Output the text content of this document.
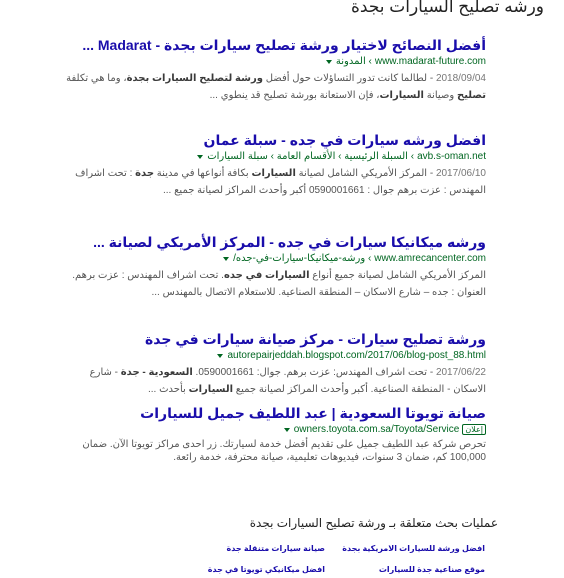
ورشه تصليح السيارات بجدة
أفضل النصائح لاختيار ورشة تصليح سيارات بجدة - Madarat ...
› المدونة www.madarat-future.com
2018/09/04 - لطالما كانت تدور التساؤلات حول أفضل ورشة لتصليح السيارات بجدة، وما هي تكلفة
تصليح وصيانة السيارات، فإن الاستعانة بورشة تصليح قد ينطوي ...
افضل ورشه سيارات في جده - سبلة عمان
› السبلة الرئيسية › الأقسام العامة › سبلة السيارات avb.s-oman.net
2017/06/10 - المركز الأمريكي الشامل لصيانة السيارات بكافة أنواعها في مدينة جدة : تحت اشراف
المهندس : عزت برهم جوال : 0590001661 أكبر وأحدث المراكز لصيانة جميع ...
ورشه ميكانيكا سيارات في جده - المركز الأمريكي لصيانة ...
› ورشه-ميكانيكا-سيارات-في-جده/ www.amrecancenter.com
المركز الأمريكي الشامل لصيانة جميع أنواع السيارات في جده. تحت اشراف المهندس : عزت برهم.
العنوان : جده – شارع الاسكان – المنطقة الصناعية. للاستعلام الاتصال بالمهندس ...
ورشة تصليح سيارات - مركز صيانة سيارات في جدة
autorepairjeddah.blogspot.com/2017/06/blog-post_88.html
2017/06/22 - تحت اشراف المهندس: عزت برهم. جوال: 0590001661. السعودية - جدة - شارع
الاسكان - المنطقة الصناعية. أكبر وأحدث المراكز لصيانة جميع السيارات بأحدث ...
صيانة تويوتا السعودية | عبد اللطيف جميل للسيارات
owners.toyota.com.sa/Toyota/Service إعلان
تحرص شركة عبد اللطيف جميل على تقديم أفضل خدمة لسيارتك. زر احدى مراكز تويوتا الآن. ضمان
100,000 كم، ضمان 3 سنوات، فيديوهات تعليمية، صيانة محترفة، خدمة رائعة.
عمليات بحث متعلقة بـ ورشة تصليح السيارات بجدة
افضل ورشة للسيارات الامريكية بجدة
صيانة سيارات متنقلة جدة
موقع صناعية جدة للسيارات
افضل ميكانيكي تويوتا في جدة
